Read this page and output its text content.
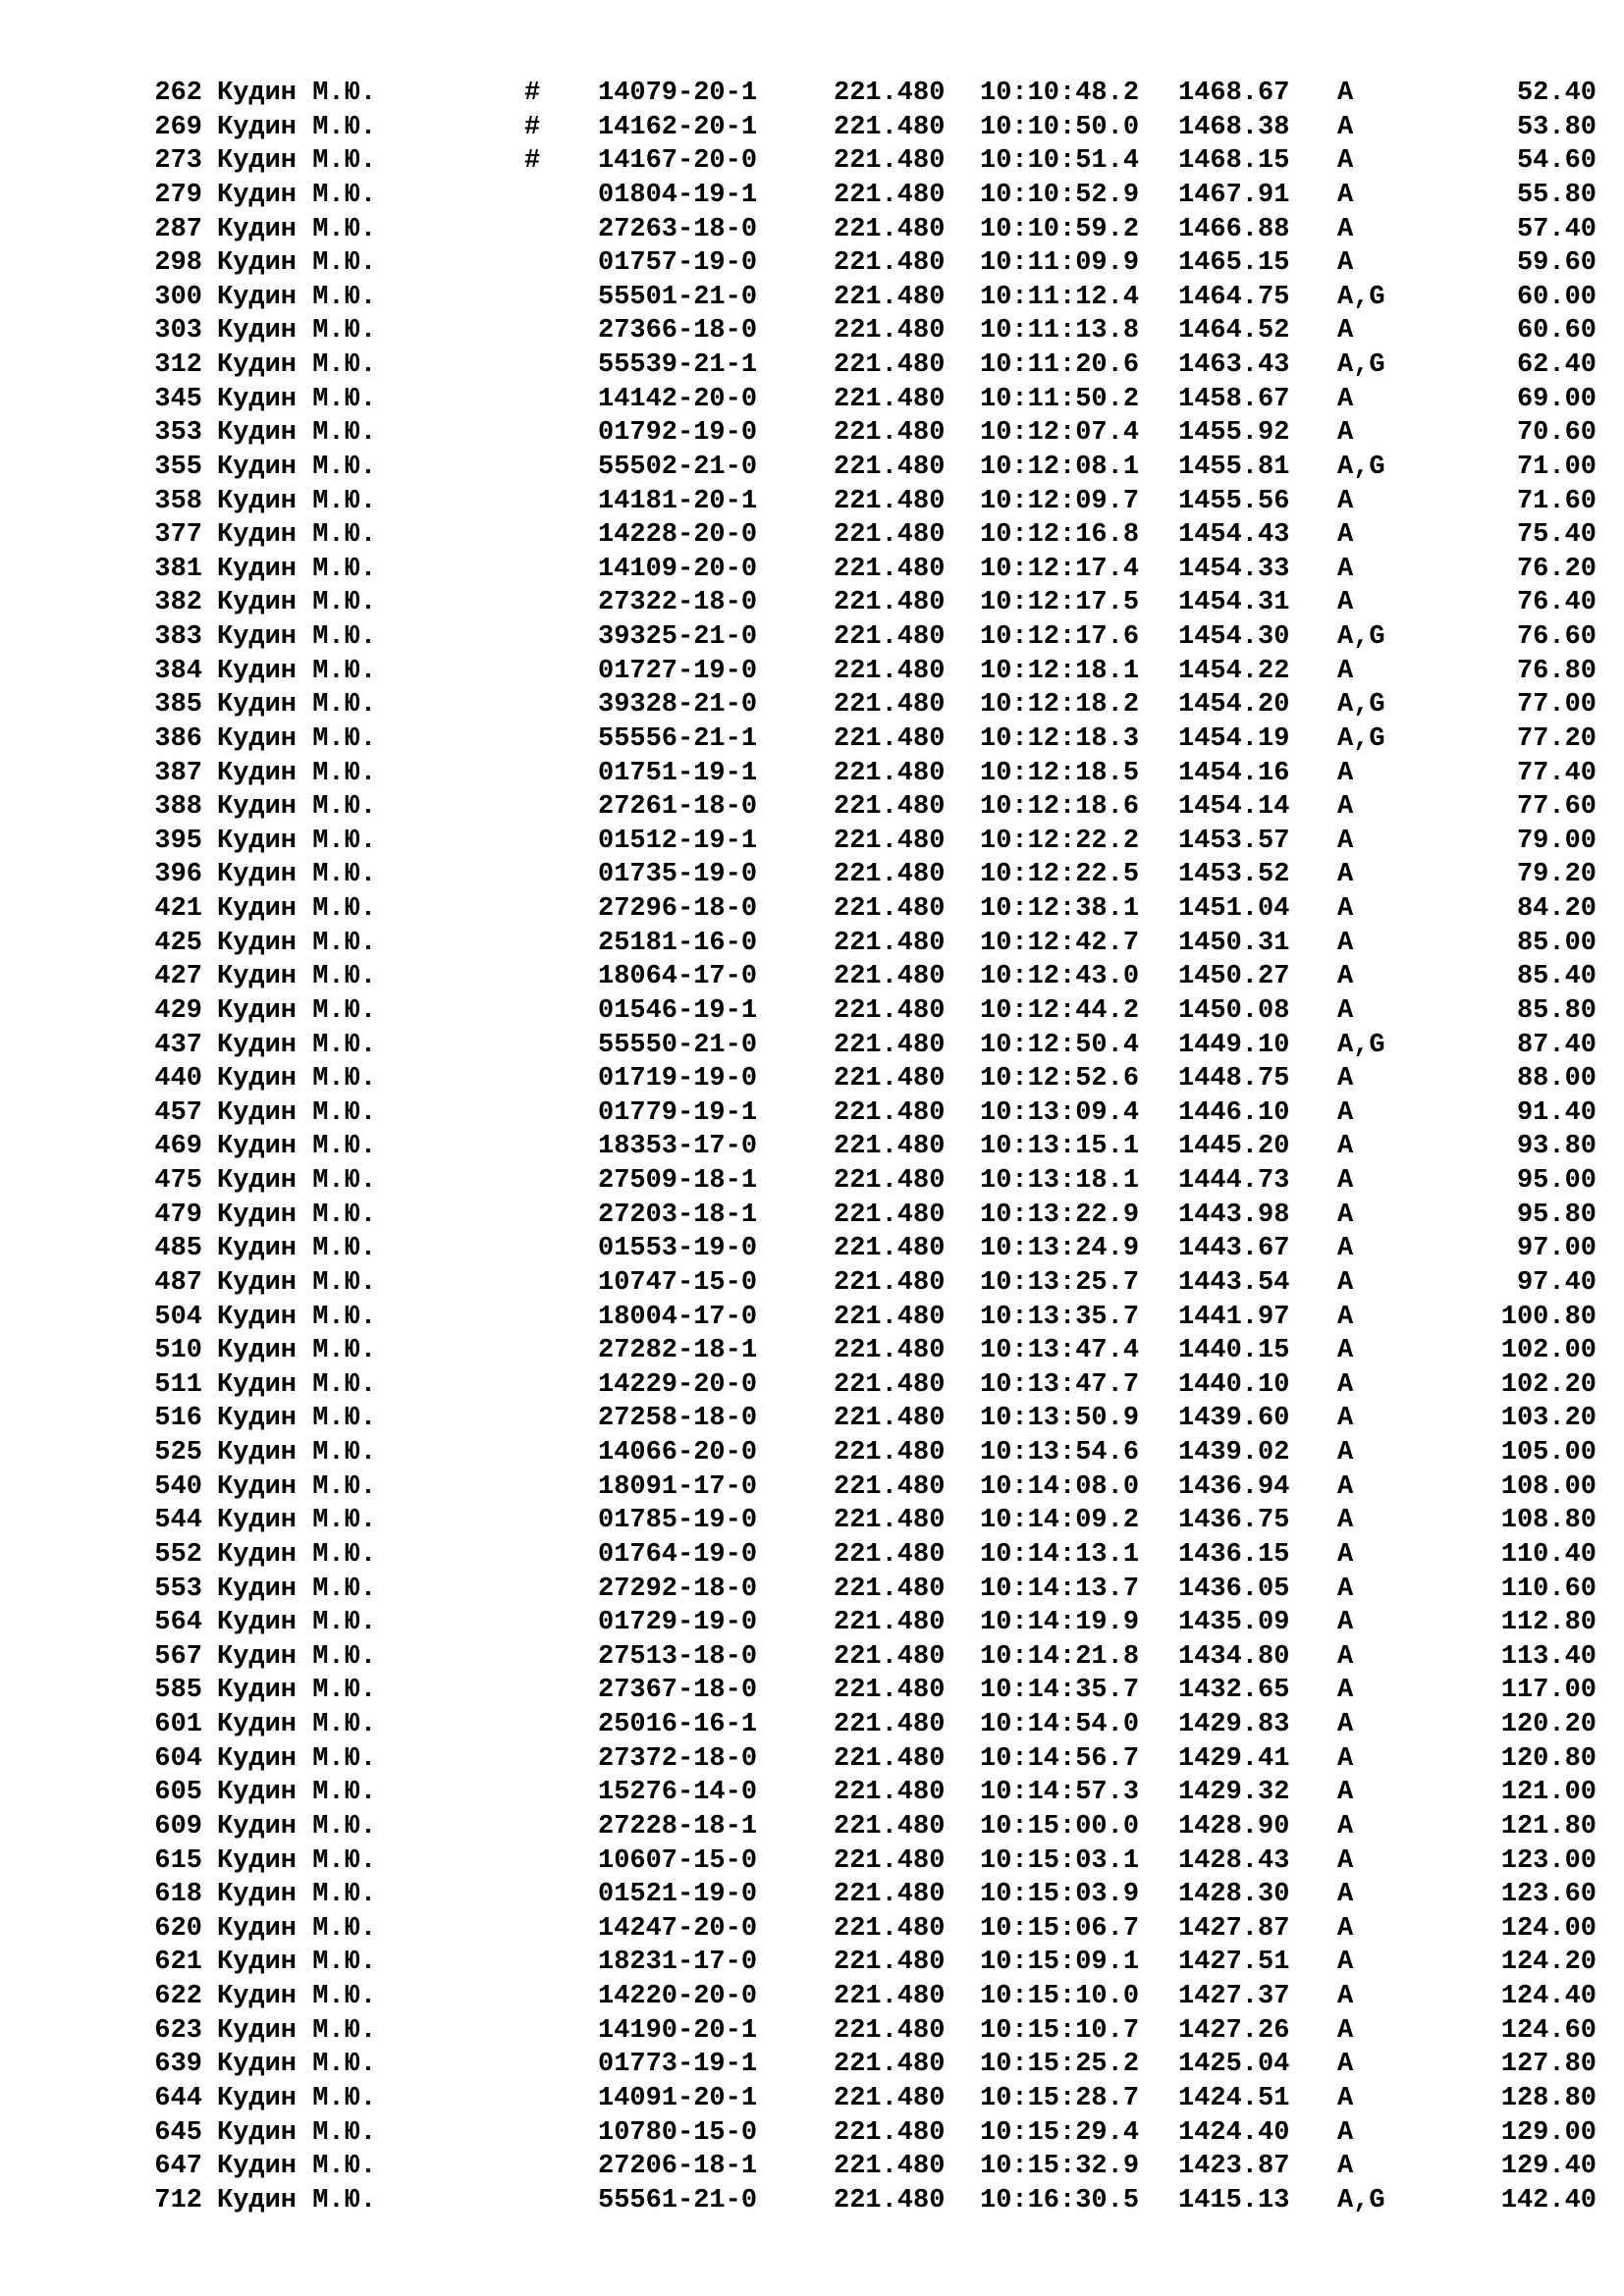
262 Кудин М.Ю.	# 14079-20-1	221.480 10:10:48.2 1468.67 A	52.40
269 Кудин М.Ю.	# 14162-20-1	221.480 10:10:50.0 1468.38 A	53.80
273 Кудин М.Ю.	# 14167-20-0	221.480 10:10:51.4 1468.15 A	54.60
279 Кудин М.Ю.	01804-19-1	221.480 10:10:52.9 1467.91 A	55.80
287 Кудин М.Ю.	27263-18-0	221.480 10:10:59.2 1466.88 A	57.40
298 Кудин М.Ю.	01757-19-0	221.480 10:11:09.9 1465.15 A	59.60
300 Кудин М.Ю.	55501-21-0	221.480 10:11:12.4 1464.75 A,G	60.00
303 Кудин М.Ю.	27366-18-0	221.480 10:11:13.8 1464.52 A	60.60
312 Кудин М.Ю.	55539-21-1	221.480 10:11:20.6 1463.43 A,G	62.40
345 Кудин М.Ю.	14142-20-0	221.480 10:11:50.2 1458.67 A	69.00
353 Кудин М.Ю.	01792-19-0	221.480 10:12:07.4 1455.92 A	70.60
355 Кудин М.Ю.	55502-21-0	221.480 10:12:08.1 1455.81 A,G	71.00
358 Кудин М.Ю.	14181-20-1	221.480 10:12:09.7 1455.56 A	71.60
377 Кудин М.Ю.	14228-20-0	221.480 10:12:16.8 1454.43 A	75.40
381 Кудин М.Ю.	14109-20-0	221.480 10:12:17.4 1454.33 A	76.20
382 Кудин М.Ю.	27322-18-0	221.480 10:12:17.5 1454.31 A	76.40
383 Кудин М.Ю.	39325-21-0	221.480 10:12:17.6 1454.30 A,G	76.60
384 Кудин М.Ю.	01727-19-0	221.480 10:12:18.1 1454.22 A	76.80
385 Кудин М.Ю.	39328-21-0	221.480 10:12:18.2 1454.20 A,G	77.00
386 Кудин М.Ю.	55556-21-1	221.480 10:12:18.3 1454.19 A,G	77.20
387 Кудин М.Ю.	01751-19-1	221.480 10:12:18.5 1454.16 A	77.40
388 Кудин М.Ю.	27261-18-0	221.480 10:12:18.6 1454.14 A	77.60
395 Кудин М.Ю.	01512-19-1	221.480 10:12:22.2 1453.57 A	79.00
396 Кудин М.Ю.	01735-19-0	221.480 10:12:22.5 1453.52 A	79.20
421 Кудин М.Ю.	27296-18-0	221.480 10:12:38.1 1451.04 A	84.20
425 Кудин М.Ю.	25181-16-0	221.480 10:12:42.7 1450.31 A	85.00
427 Кудин М.Ю.	18064-17-0	221.480 10:12:43.0 1450.27 A	85.40
429 Кудин М.Ю.	01546-19-1	221.480 10:12:44.2 1450.08 A	85.80
437 Кудин М.Ю.	55550-21-0	221.480 10:12:50.4 1449.10 A,G	87.40
440 Кудин М.Ю.	01719-19-0	221.480 10:12:52.6 1448.75 A	88.00
457 Кудин М.Ю.	01779-19-1	221.480 10:13:09.4 1446.10 A	91.40
469 Кудин М.Ю.	18353-17-0	221.480 10:13:15.1 1445.20 A	93.80
475 Кудин М.Ю.	27509-18-1	221.480 10:13:18.1 1444.73 A	95.00
479 Кудин М.Ю.	27203-18-1	221.480 10:13:22.9 1443.98 A	95.80
485 Кудин М.Ю.	01553-19-0	221.480 10:13:24.9 1443.67 A	97.00
487 Кудин М.Ю.	10747-15-0	221.480 10:13:25.7 1443.54 A	97.40
504 Кудин М.Ю.	18004-17-0	221.480 10:13:35.7 1441.97 A	100.80
510 Кудин М.Ю.	27282-18-1	221.480 10:13:47.4 1440.15 A	102.00
511 Кудин М.Ю.	14229-20-0	221.480 10:13:47.7 1440.10 A	102.20
516 Кудин М.Ю.	27258-18-0	221.480 10:13:50.9 1439.60 A	103.20
525 Кудин М.Ю.	14066-20-0	221.480 10:13:54.6 1439.02 A	105.00
540 Кудин М.Ю.	18091-17-0	221.480 10:14:08.0 1436.94 A	108.00
544 Кудин М.Ю.	01785-19-0	221.480 10:14:09.2 1436.75 A	108.80
552 Кудин М.Ю.	01764-19-0	221.480 10:14:13.1 1436.15 A	110.40
553 Кудин М.Ю.	27292-18-0	221.480 10:14:13.7 1436.05 A	110.60
564 Кудин М.Ю.	01729-19-0	221.480 10:14:19.9 1435.09 A	112.80
567 Кудин М.Ю.	27513-18-0	221.480 10:14:21.8 1434.80 A	113.40
585 Кудин М.Ю.	27367-18-0	221.480 10:14:35.7 1432.65 A	117.00
601 Кудин М.Ю.	25016-16-1	221.480 10:14:54.0 1429.83 A	120.20
604 Кудин М.Ю.	27372-18-0	221.480 10:14:56.7 1429.41 A	120.80
605 Кудин М.Ю.	15276-14-0	221.480 10:14:57.3 1429.32 A	121.00
609 Кудин М.Ю.	27228-18-1	221.480 10:15:00.0 1428.90 A	121.80
615 Кудин М.Ю.	10607-15-0	221.480 10:15:03.1 1428.43 A	123.00
618 Кудин М.Ю.	01521-19-0	221.480 10:15:03.9 1428.30 A	123.60
620 Кудин М.Ю.	14247-20-0	221.480 10:15:06.7 1427.87 A	124.00
621 Кудин М.Ю.	18231-17-0	221.480 10:15:09.1 1427.51 A	124.20
622 Кудин М.Ю.	14220-20-0	221.480 10:15:10.0 1427.37 A	124.40
623 Кудин М.Ю.	14190-20-1	221.480 10:15:10.7 1427.26 A	124.60
639 Кудин М.Ю.	01773-19-1	221.480 10:15:25.2 1425.04 A	127.80
644 Кудин М.Ю.	14091-20-1	221.480 10:15:28.7 1424.51 A	128.80
645 Кудин М.Ю.	10780-15-0	221.480 10:15:29.4 1424.40 A	129.00
647 Кудин М.Ю.	27206-18-1	221.480 10:15:32.9 1423.87 A	129.40
712 Кудин М.Ю.	55561-21-0	221.480 10:16:30.5 1415.13 A,G	142.40
